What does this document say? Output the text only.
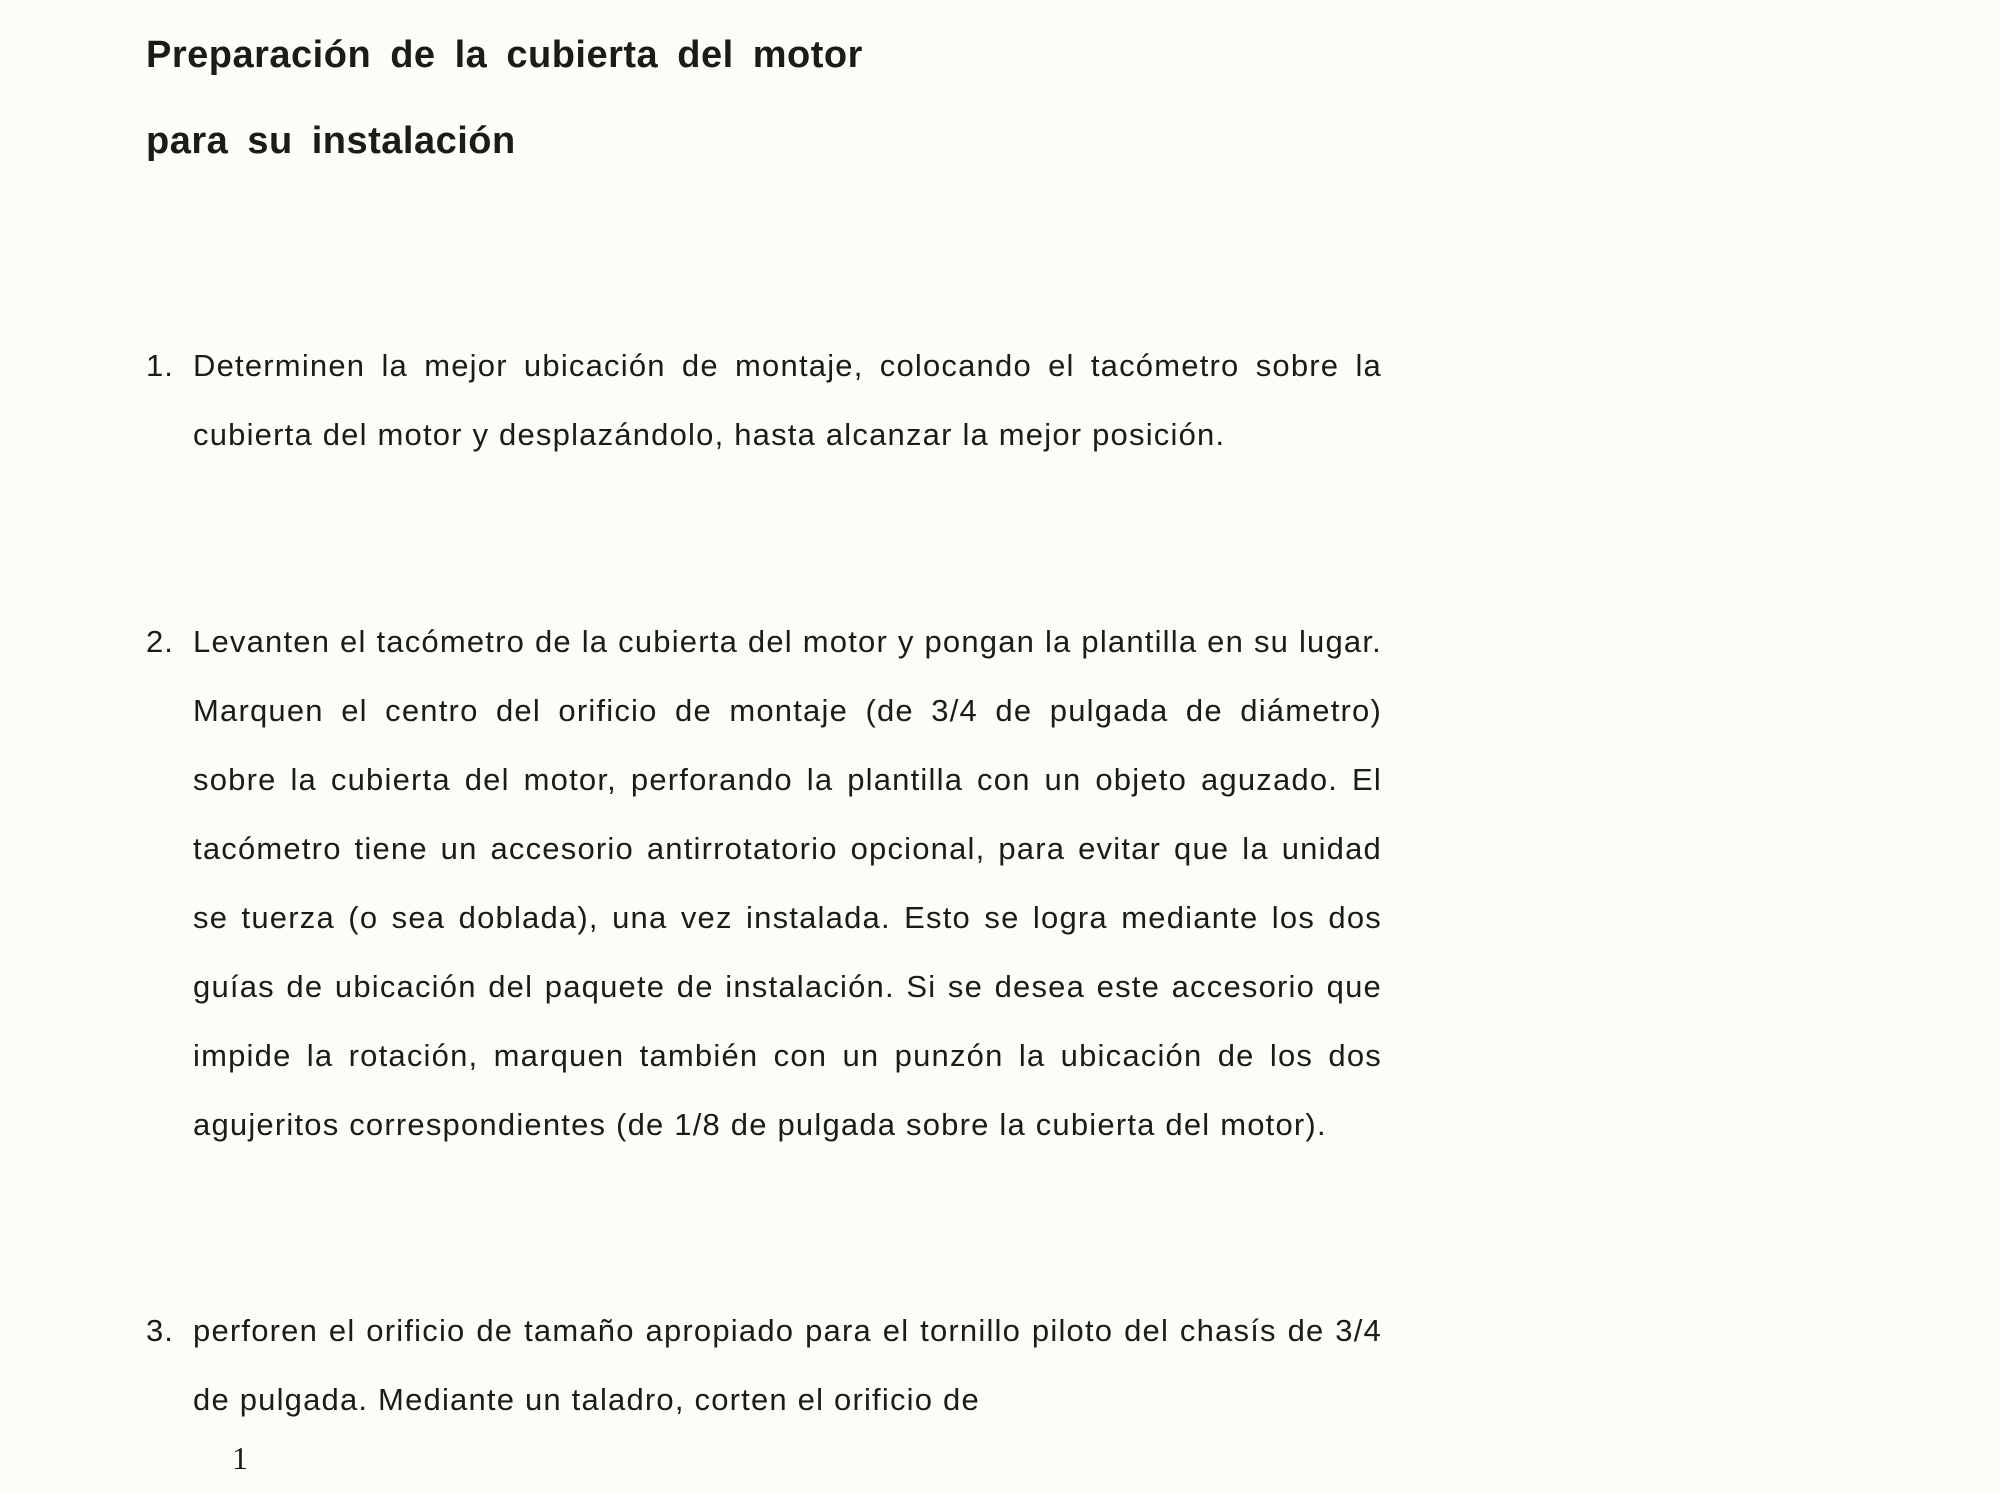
Preparación de la cubierta del motor
para su instalación
1. Determinen la mejor ubicación de montaje, colocando el tacómetro sobre la cubierta del motor y desplazándolo, hasta alcanzar la mejor posición.
2. Levanten el tacómetro de la cubierta del motor y pongan la plantilla en su lugar. Marquen el centro del orificio de montaje (de 3/4 de pulgada de diámetro) sobre la cubierta del motor, perforando la plantilla con un objeto aguzado. El tacómetro tiene un accesorio antirrotatorio opcional, para evitar que la unidad se tuerza (o sea doblada), una vez instalada. Esto se logra mediante los dos guías de ubicación del paquete de instalación. Si se desea este accesorio que impide la rotación, marquen también con un punzón la ubicación de los dos agujeritos correspondientes (de 1/8 de pulgada sobre la cubierta del motor).
3. perforen el orificio de tamaño apropiado para el tornillo piloto del chasís de 3/4 de pulgada. Mediante un taladro, corten el orificio de
1
